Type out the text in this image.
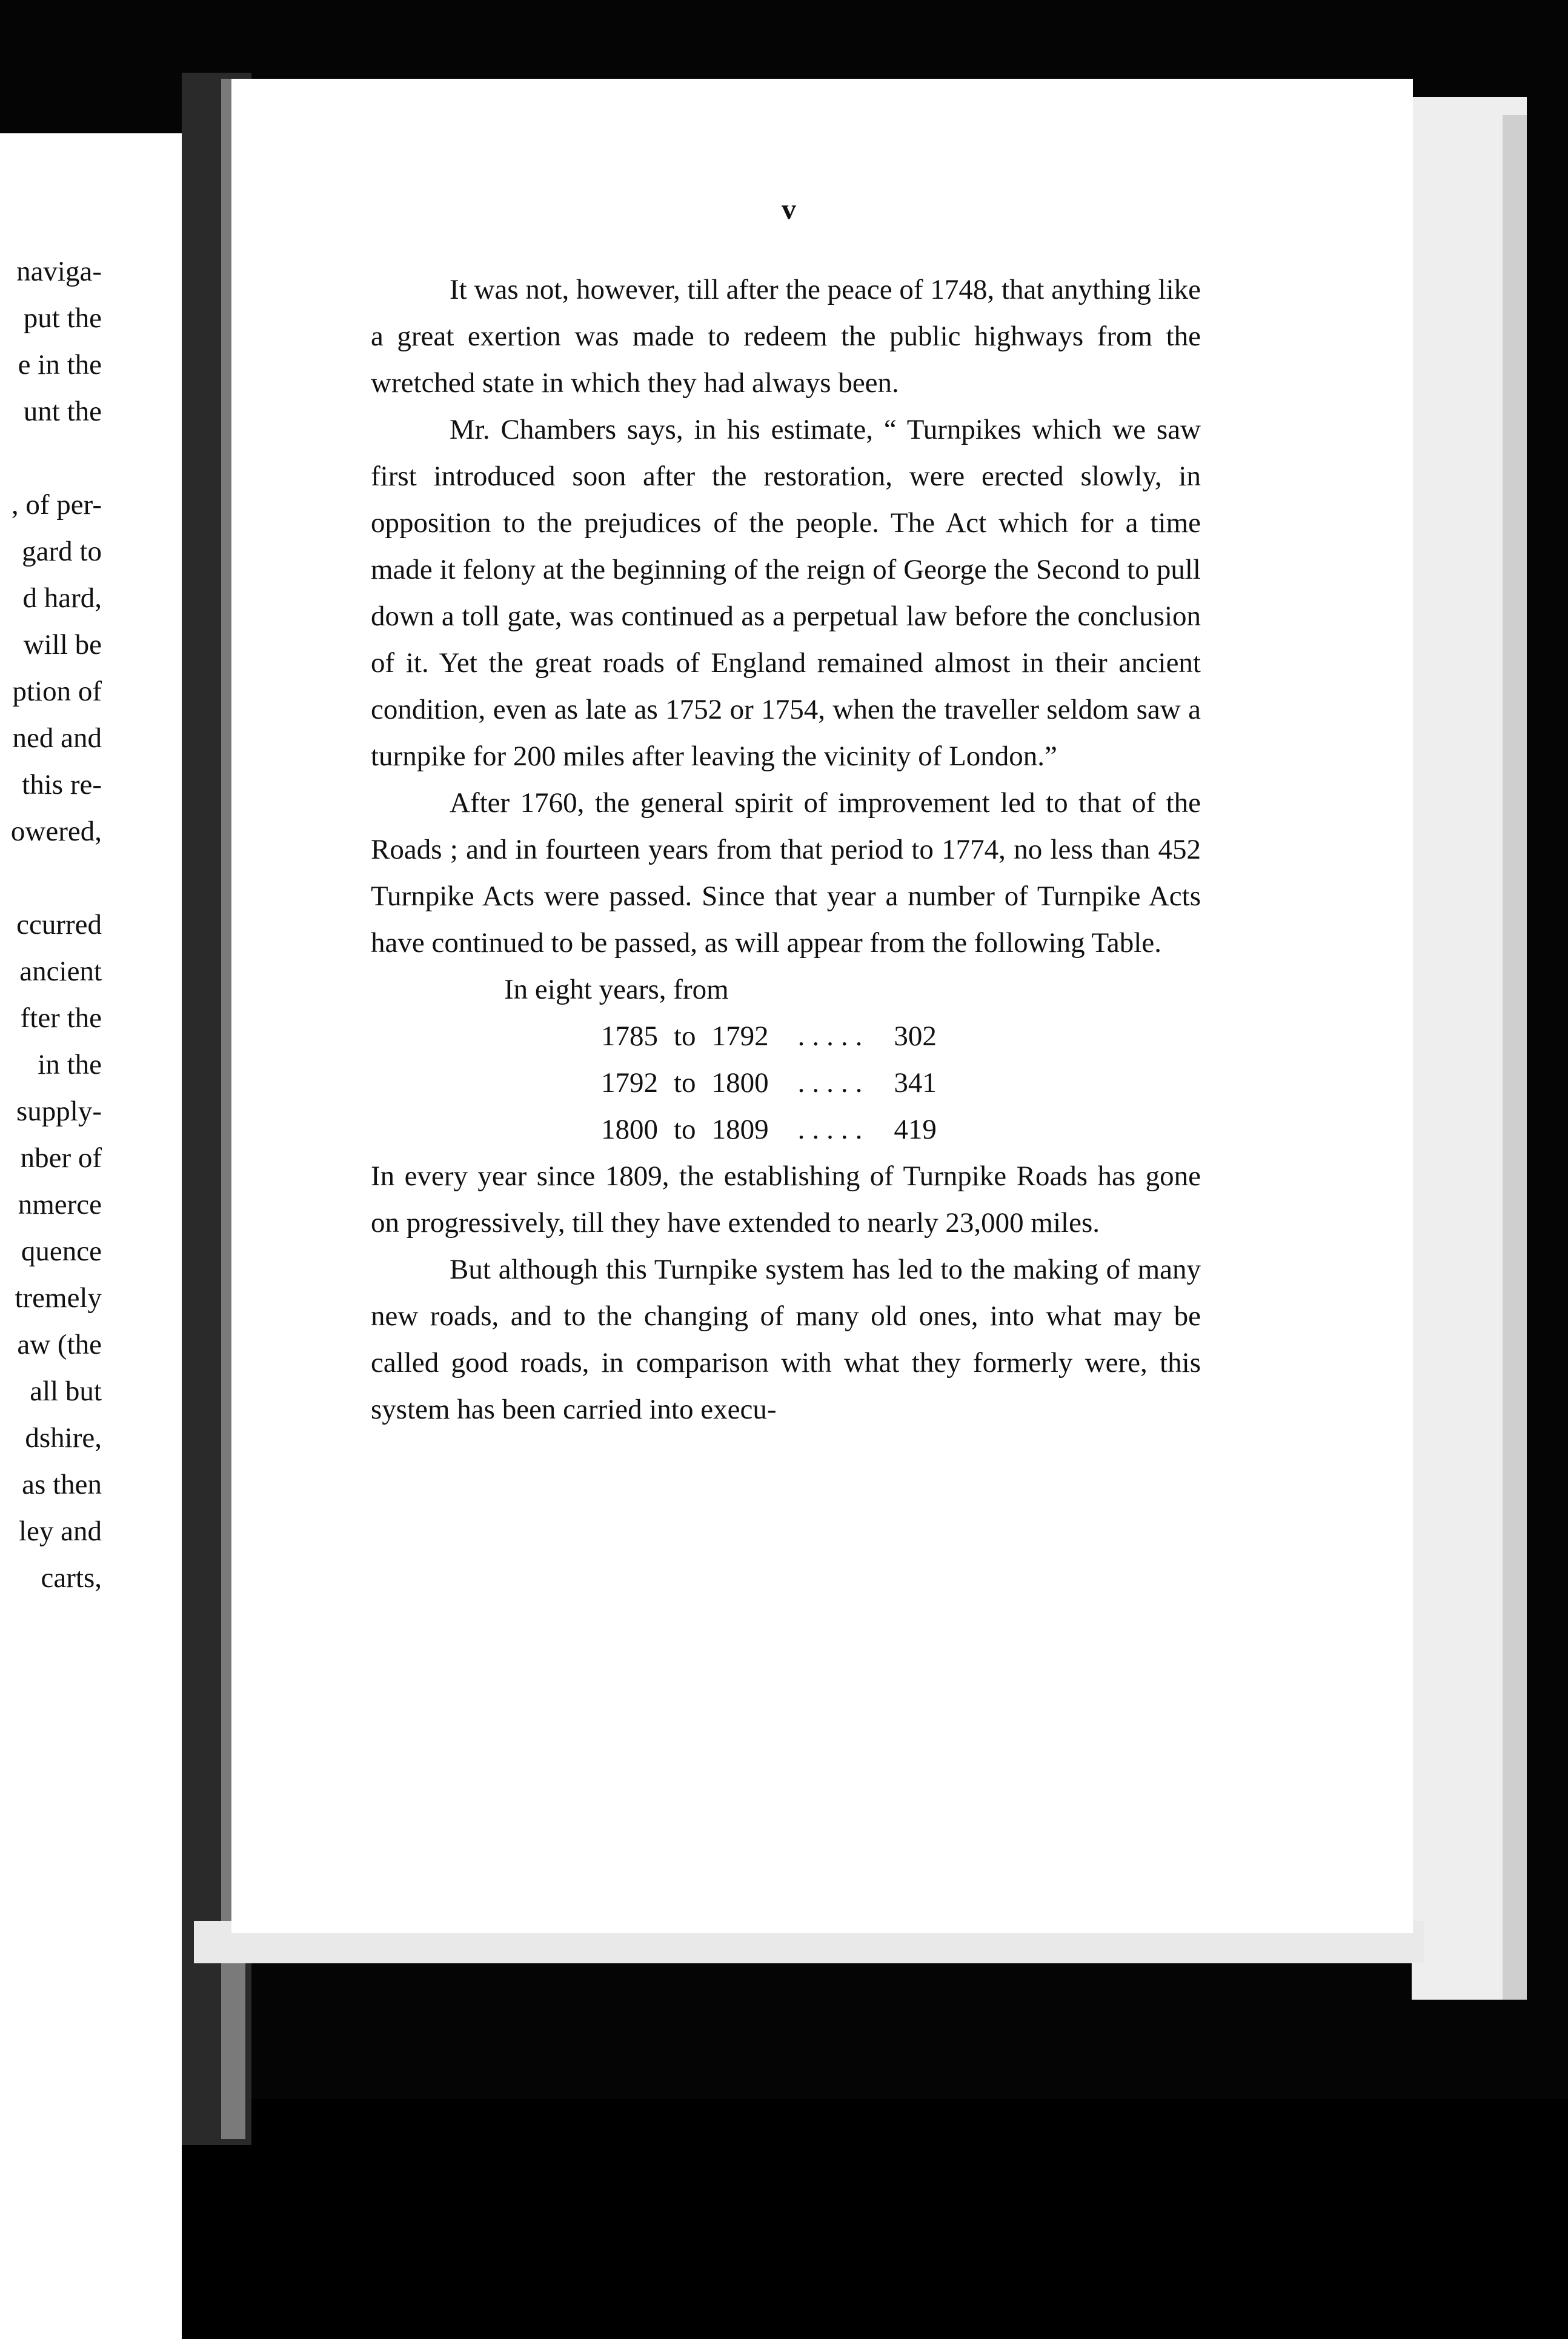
naviga-
put the
e in the
unt the

, of per-
gard to
d hard,
will be
ption of
ned and
this re-
owered,

ccurred
ancient
fter the
in the
supply-
nber of
nmerce
quence
tremely
aw (the
all but
dshire,
as then
ley and
carts,
v

It was not, however, till after the peace of 1748, that anything like a great exertion was made to redeem the public highways from the wretched state in which they had always been.

Mr. Chambers says, in his estimate, “ Turnpikes which we saw first introduced soon after the restoration, were erected slowly, in opposition to the prejudices of the people. The Act which for a time made it felony at the beginning of the reign of George the Second to pull down a toll gate, was continued as a perpetual law before the conclusion of it. Yet the great roads of England remained almost in their ancient condition, even as late as 1752 or 1754, when the traveller seldom saw a turnpike for 200 miles after leaving the vicinity of London.”

After 1760, the general spirit of improvement led to that of the Roads ; and in fourteen years from that period to 1774, no less than 452 Turnpike Acts were passed. Since that year a number of Turnpike Acts have continued to be passed, as will appear from the following Table.

In eight years, from
1785	to	1792	.....	302
1792	to	1800	.....	341
1800	to	1809	.....	419

In every year since 1809, the establishing of Turnpike Roads has gone on progressively, till they have extended to nearly 23,000 miles.

But although this Turnpike system has led to the making of many new roads, and to the changing of many old ones, into what may be called good roads, in comparison with what they formerly were, this system has been carried into execu-
